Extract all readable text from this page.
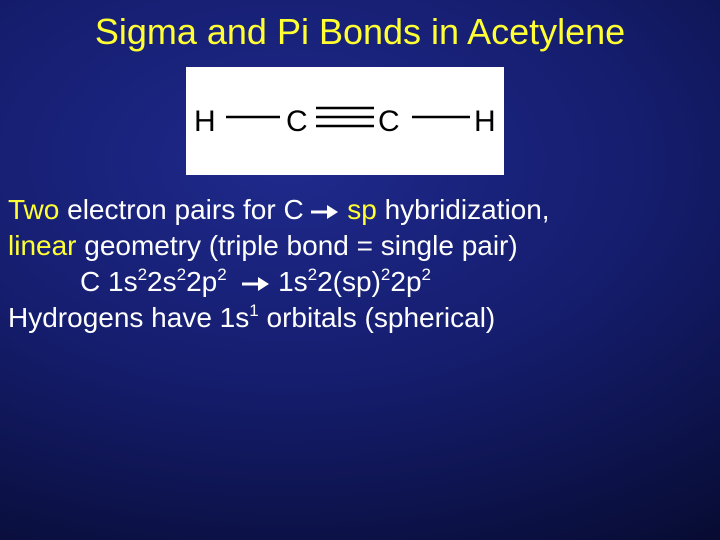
Sigma and Pi Bonds in Acetylene
H C C H
Two electron pairs for C  sp hybridization,
linear geometry (triple bond = single pair)
C $1s^22s^22p^2$ $1s^22(sp)^22p^2$
Hydrogens have $1s^1$ orbitals (spherical)
